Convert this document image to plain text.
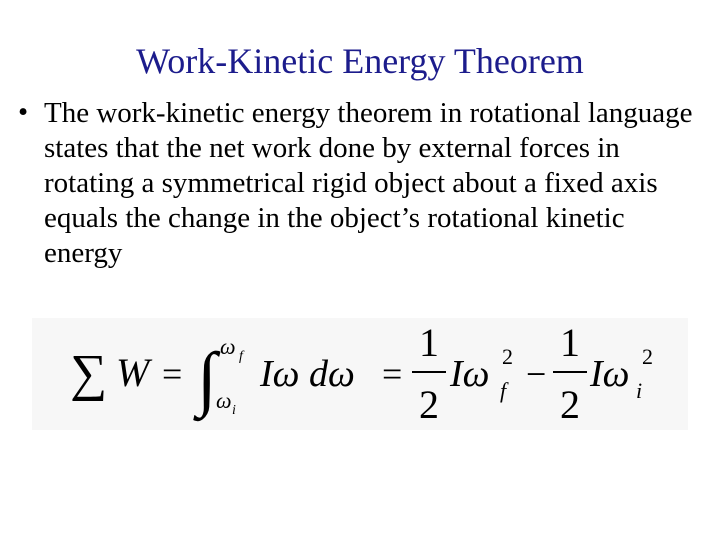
Work-Kinetic Energy Theorem
• The work-kinetic energy theorem in rotational language states that the net work done by external forces in rotating a symmetrical rigid object about a fixed axis equals the change in the object’s rotational kinetic energy
∑ W = ∫ ω f
ω i
Iω dω =
1
2
Iω 2
f −
1
2
Iω 2
i
